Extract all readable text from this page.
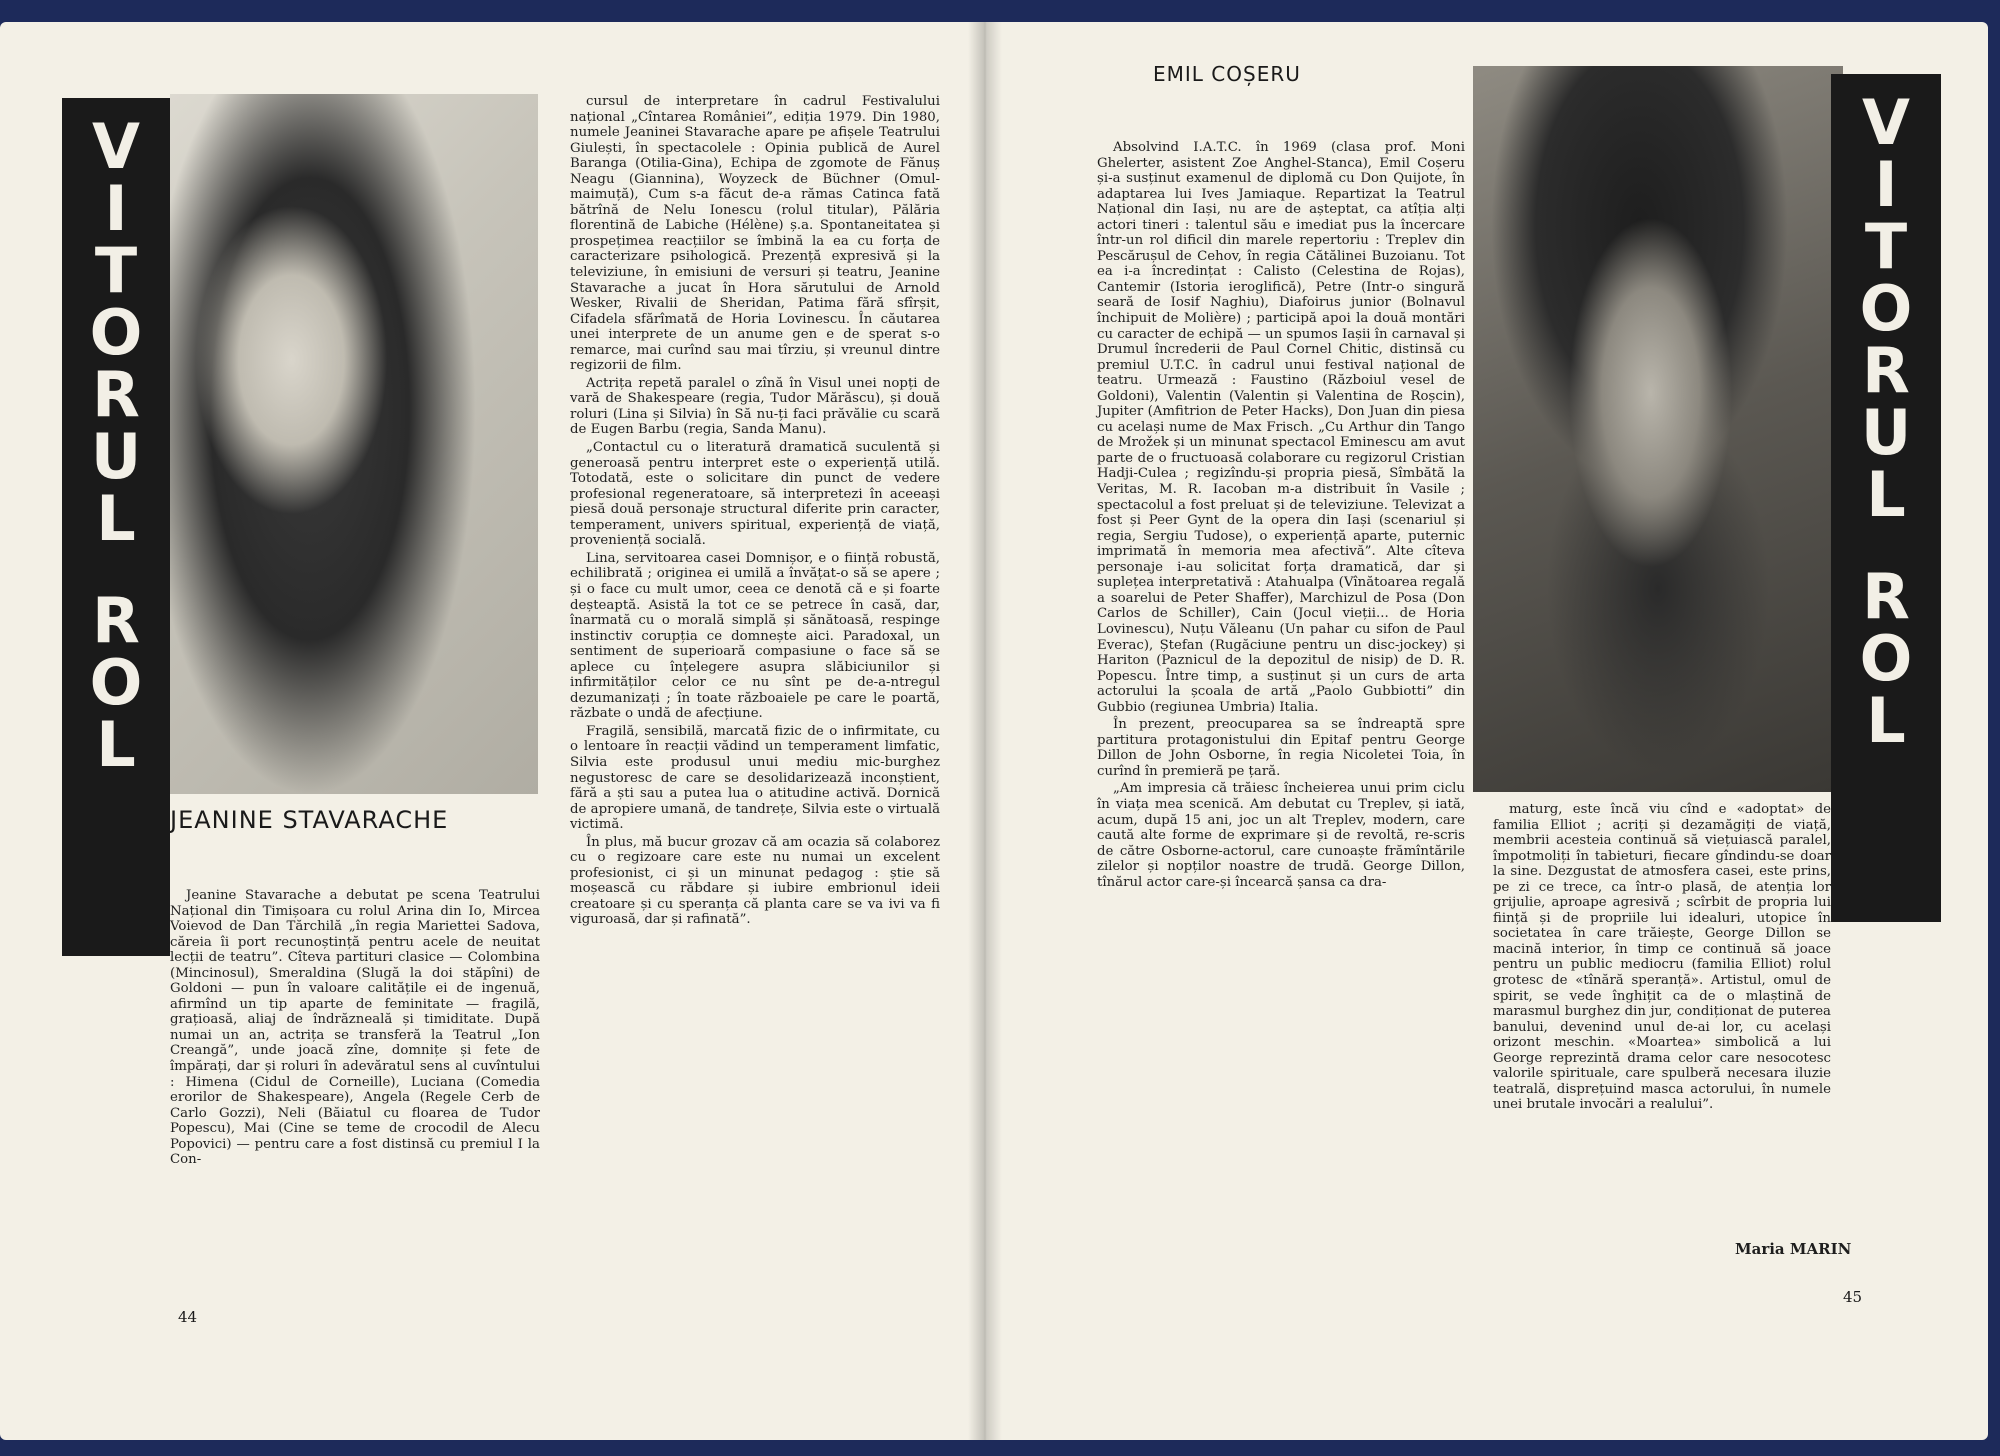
V
I
T
O
R
U
L
R
O
L
JEANINE STAVARACHE

Jeanine Stavarache a debutat pe scena Teatrului Național din Timișoara cu rolul Arina din Io, Mircea Voievod de Dan Tărchilă „în regia Mariettei Sadova, căreia îi port recunoștință pentru acele de neuitat lecții de teatru”. Cîteva partituri clasice — Colombina (Mincinosul), Smeraldina (Slugă la doi stăpîni) de Goldoni — pun în valoare calitățile ei de ingenuă, afirmînd un tip aparte de feminitate — fragilă, grațioasă, aliaj de îndrăzneală și timiditate. După numai un an, actrița se transferă la Teatrul „Ion Creangă”, unde joacă zîne, domnițe și fete de împărați, dar și roluri în adevăratul sens al cuvîntului : Himena (Cidul de Corneille), Luciana (Comedia erorilor de Shakespeare), Angela (Regele Cerb de Carlo Gozzi), Neli (Băiatul cu floarea de Tudor Popescu), Mai (Cine se teme de crocodil de Alecu Popovici) — pentru care a fost distinsă cu premiul I la Con-

cursul de interpretare în cadrul Festivalului național „Cîntarea României”, ediția 1979. Din 1980, numele Jeaninei Stavarache apare pe afișele Teatrului Giulești, în spectacolele : Opinia publică de Aurel Baranga (Otilia-Gina), Echipa de zgomote de Fănuș Neagu (Giannina), Woyzeck de Büchner (Omul-maimuță), Cum s-a făcut de-a rămas Catinca fată bătrînă de Nelu Ionescu (rolul titular), Pălăria florentină de Labiche (Hélène) ș.a. Spontaneitatea și prospețimea reacțiilor se îmbină la ea cu forța de caracterizare psihologică. Prezență expresivă și la televiziune, în emisiuni de versuri și teatru, Jeanine Stavarache a jucat în Hora sărutului de Arnold Wesker, Rivalii de Sheridan, Patima fără sfîrșit, Cifadela sfărîmată de Horia Lovinescu. În căutarea unei interprete de un anume gen e de sperat s-o remarce, mai curînd sau mai tîrziu, și vreunul dintre regizorii de film.

Actrița repetă paralel o zînă în Visul unei nopți de vară de Shakespeare (regia, Tudor Mărăscu), și două roluri (Lina și Silvia) în Să nu-ți faci prăvălie cu scară de Eugen Barbu (regia, Sanda Manu).

„Contactul cu o literatură dramatică suculentă și generoasă pentru interpret este o experiență utilă. Totodată, este o solicitare din punct de vedere profesional regeneratoare, să interpretezi în aceeași piesă două personaje structural diferite prin caracter, temperament, univers spiritual, experiență de viață, proveniență socială.

Lina, servitoarea casei Domnișor, e o ființă robustă, echilibrată ; originea ei umilă a învățat-o să se apere ; și o face cu mult umor, ceea ce denotă că e și foarte deșteaptă. Asistă la tot ce se petrece în casă, dar, înarmată cu o morală simplă și sănătoasă, respinge instinctiv corupția ce domnește aici. Paradoxal, un sentiment de superioară compasiune o face să se aplece cu înțelegere asupra slăbiciunilor și infirmităților celor ce nu sînt pe de-a-ntregul dezumanizați ; în toate războaiele pe care le poartă, răzbate o undă de afecțiune.

Fragilă, sensibilă, marcată fizic de o infirmitate, cu o lentoare în reacții vădind un temperament limfatic, Silvia este produsul unui mediu mic-burghez negustoresc de care se desolidarizează inconștient, fără a ști sau a putea lua o atitudine activă. Dornică de apropiere umană, de tandrețe, Silvia este o virtuală victimă.

În plus, mă bucur grozav că am ocazia să colaborez cu o regizoare care este nu numai un excelent profesionist, ci și un minunat pedagog : știe să moșească cu răbdare și iubire embrionul ideii creatoare și cu speranța că planta care se va ivi va fi viguroasă, dar și rafinată”.

44
EMIL COȘERU

Absolvind I.A.T.C. în 1969 (clasa prof. Moni Ghelerter, asistent Zoe Anghel-Stanca), Emil Coșeru și-a susținut examenul de diplomă cu Don Quijote, în adaptarea lui Ives Jamiaque. Repartizat la Teatrul Național din Iași, nu are de așteptat, ca atîția alți actori tineri : talentul său e imediat pus la încercare într-un rol dificil din marele repertoriu : Treplev din Pescărușul de Cehov, în regia Cătălinei Buzoianu. Tot ea i-a încredințat : Calisto (Celestina de Rojas), Cantemir (Istoria ieroglifică), Petre (Intr-o singură seară de Iosif Naghiu), Diafoirus junior (Bolnavul închipuit de Molière) ; participă apoi la două montări cu caracter de echipă — un spumos Iașii în carnaval și Drumul încrederii de Paul Cornel Chitic, distinsă cu premiul U.T.C. în cadrul unui festival național de teatru. Urmează : Faustino (Războiul vesel de Goldoni), Valentin (Valentin și Valentina de Roșcin), Jupiter (Amfitrion de Peter Hacks), Don Juan din piesa cu același nume de Max Frisch. „Cu Arthur din Tango de Mrožek și un minunat spectacol Eminescu am avut parte de o fructuoasă colaborare cu regizorul Cristian Hadji-Culea ; regizîndu-și propria piesă, Sîmbătă la Veritas, M. R. Iacoban m-a distribuit în Vasile ; spectacolul a fost preluat și de televiziune. Televizat a fost și Peer Gynt de la opera din Iași (scenariul și regia, Sergiu Tudose), o experiență aparte, puternic imprimată în memoria mea afectivă”. Alte cîteva personaje i-au solicitat forța dramatică, dar și suplețea interpretativă : Atahualpa (Vînătoarea regală a soarelui de Peter Shaffer), Marchizul de Posa (Don Carlos de Schiller), Cain (Jocul vieții... de Horia Lovinescu), Nuțu Văleanu (Un pahar cu sifon de Paul Everac), Ștefan (Rugăciune pentru un disc-jockey) și Hariton (Paznicul de la depozitul de nisip) de D. R. Popescu. Între timp, a susținut și un curs de arta actorului la școala de artă „Paolo Gubbiotti” din Gubbio (regiunea Umbria) Italia.

În prezent, preocuparea sa se îndreaptă spre partitura protagonistului din Epitaf pentru George Dillon de John Osborne, în regia Nicoletei Toia, în curînd în premieră pe țară.

„Am impresia că trăiesc încheierea unui prim ciclu în viața mea scenică. Am debutat cu Treplev, și iată, acum, după 15 ani, joc un alt Treplev, modern, care caută alte forme de exprimare și de revoltă, re-scris de către Osborne-actorul, care cunoaște frămîntările zilelor și nopților noastre de trudă. George Dillon, tînărul actor care-și încearcă șansa ca dra-

V
I
T
O
R
U
L
R
O
L

maturg, este încă viu cînd e «adoptat» de familia Elliot ; acriți și dezamăgiți de viață, membrii acesteia continuă să viețuiască paralel, împotmoliți în tabieturi, fiecare gîndindu-se doar la sine. Dezgustat de atmosfera casei, este prins, pe zi ce trece, ca într-o plasă, de atenția lor grijulie, aproape agresivă ; scîrbit de propria lui ființă și de propriile lui idealuri, utopice în societatea în care trăiește, George Dillon se macină interior, în timp ce continuă să joace pentru un public mediocru (familia Elliot) rolul grotesc de «tînără speranță». Artistul, omul de spirit, se vede înghițit ca de o mlaștină de marasmul burghez din jur, condiționat de puterea banului, devenind unul de-ai lor, cu același orizont meschin. «Moartea» simbolică a lui George reprezintă drama celor care nesocotesc valorile spirituale, care spulberă necesara iluzie teatrală, disprețuind masca actorului, în numele unei brutale invocări a realului”.

Maria MARIN
45
